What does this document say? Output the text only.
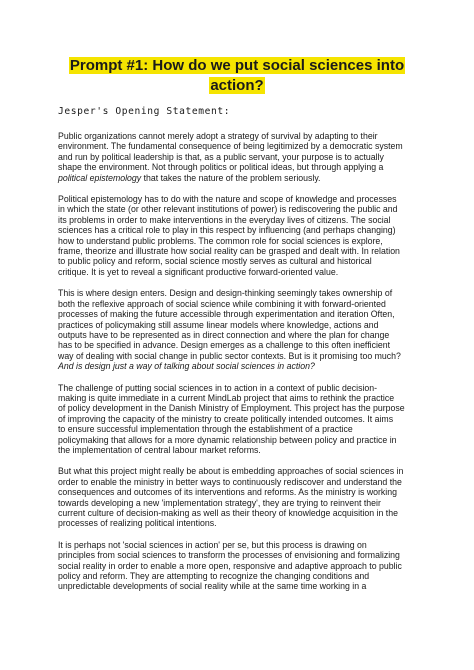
Prompt #1: How do we put social sciences into
action?
Jesper's Opening Statement:

Public organizations cannot merely adopt a strategy of survival by adapting to their
environment. The fundamental consequence of being legitimized by a democratic system
and run by political leadership is that, as a public servant, your purpose is to actually
shape the environment. Not through politics or political ideas, but through applying a
political epistemology that takes the nature of the problem seriously.

Political epistemology has to do with the nature and scope of knowledge and processes
in which the state (or other relevant institutions of power) is rediscovering the public and
its problems in order to make interventions in the everyday lives of citizens. The social
sciences has a critical role to play in this respect by influencing (and perhaps changing)
how to understand public problems. The common role for social sciences is explore,
frame, theorize and illustrate how social reality can be grasped and dealt with. In relation
to public policy and reform, social science mostly serves as cultural and historical
critique. It is yet to reveal a significant productive forward-oriented value.

This is where design enters. Design and design-thinking seemingly takes ownership of
both the reflexive approach of social science while combining it with forward-oriented
processes of making the future accessible through experimentation and iteration Often,
practices of policymaking still assume linear models where knowledge, actions and
outputs have to be represented as in direct connection and where the plan for change
has to be specified in advance. Design emerges as a challenge to this often inefficient
way of dealing with social change in public sector contexts. But is it promising too much?
And is design just a way of talking about social sciences in action?

The challenge of putting social sciences in to action in a context of public decision-
making is quite immediate in a current MindLab project that aims to rethink the practice
of policy development in the Danish Ministry of Employment. This project has the purpose
of improving the capacity of the ministry to create politically intended outcomes. It aims
to ensure successful implementation through the establishment of a practice
policymaking that allows for a more dynamic relationship between policy and practice in
the implementation of central labour market reforms.

But what this project might really be about is embedding approaches of social sciences in
order to enable the ministry in better ways to continuously rediscover and understand the
consequences and outcomes of its interventions and reforms. As the ministry is working
towards developing a new 'implementation strategy', they are trying to reinvent their
current culture of decision-making as well as their theory of knowledge acquisition in the
processes of realizing political intentions.

It is perhaps not 'social sciences in action' per se, but this process is drawing on
principles from social sciences to transform the processes of envisioning and formalizing
social reality in order to enable a more open, responsive and adaptive approach to public
policy and reform. They are attempting to recognize the changing conditions and
unpredictable developments of social reality while at the same time working in a
